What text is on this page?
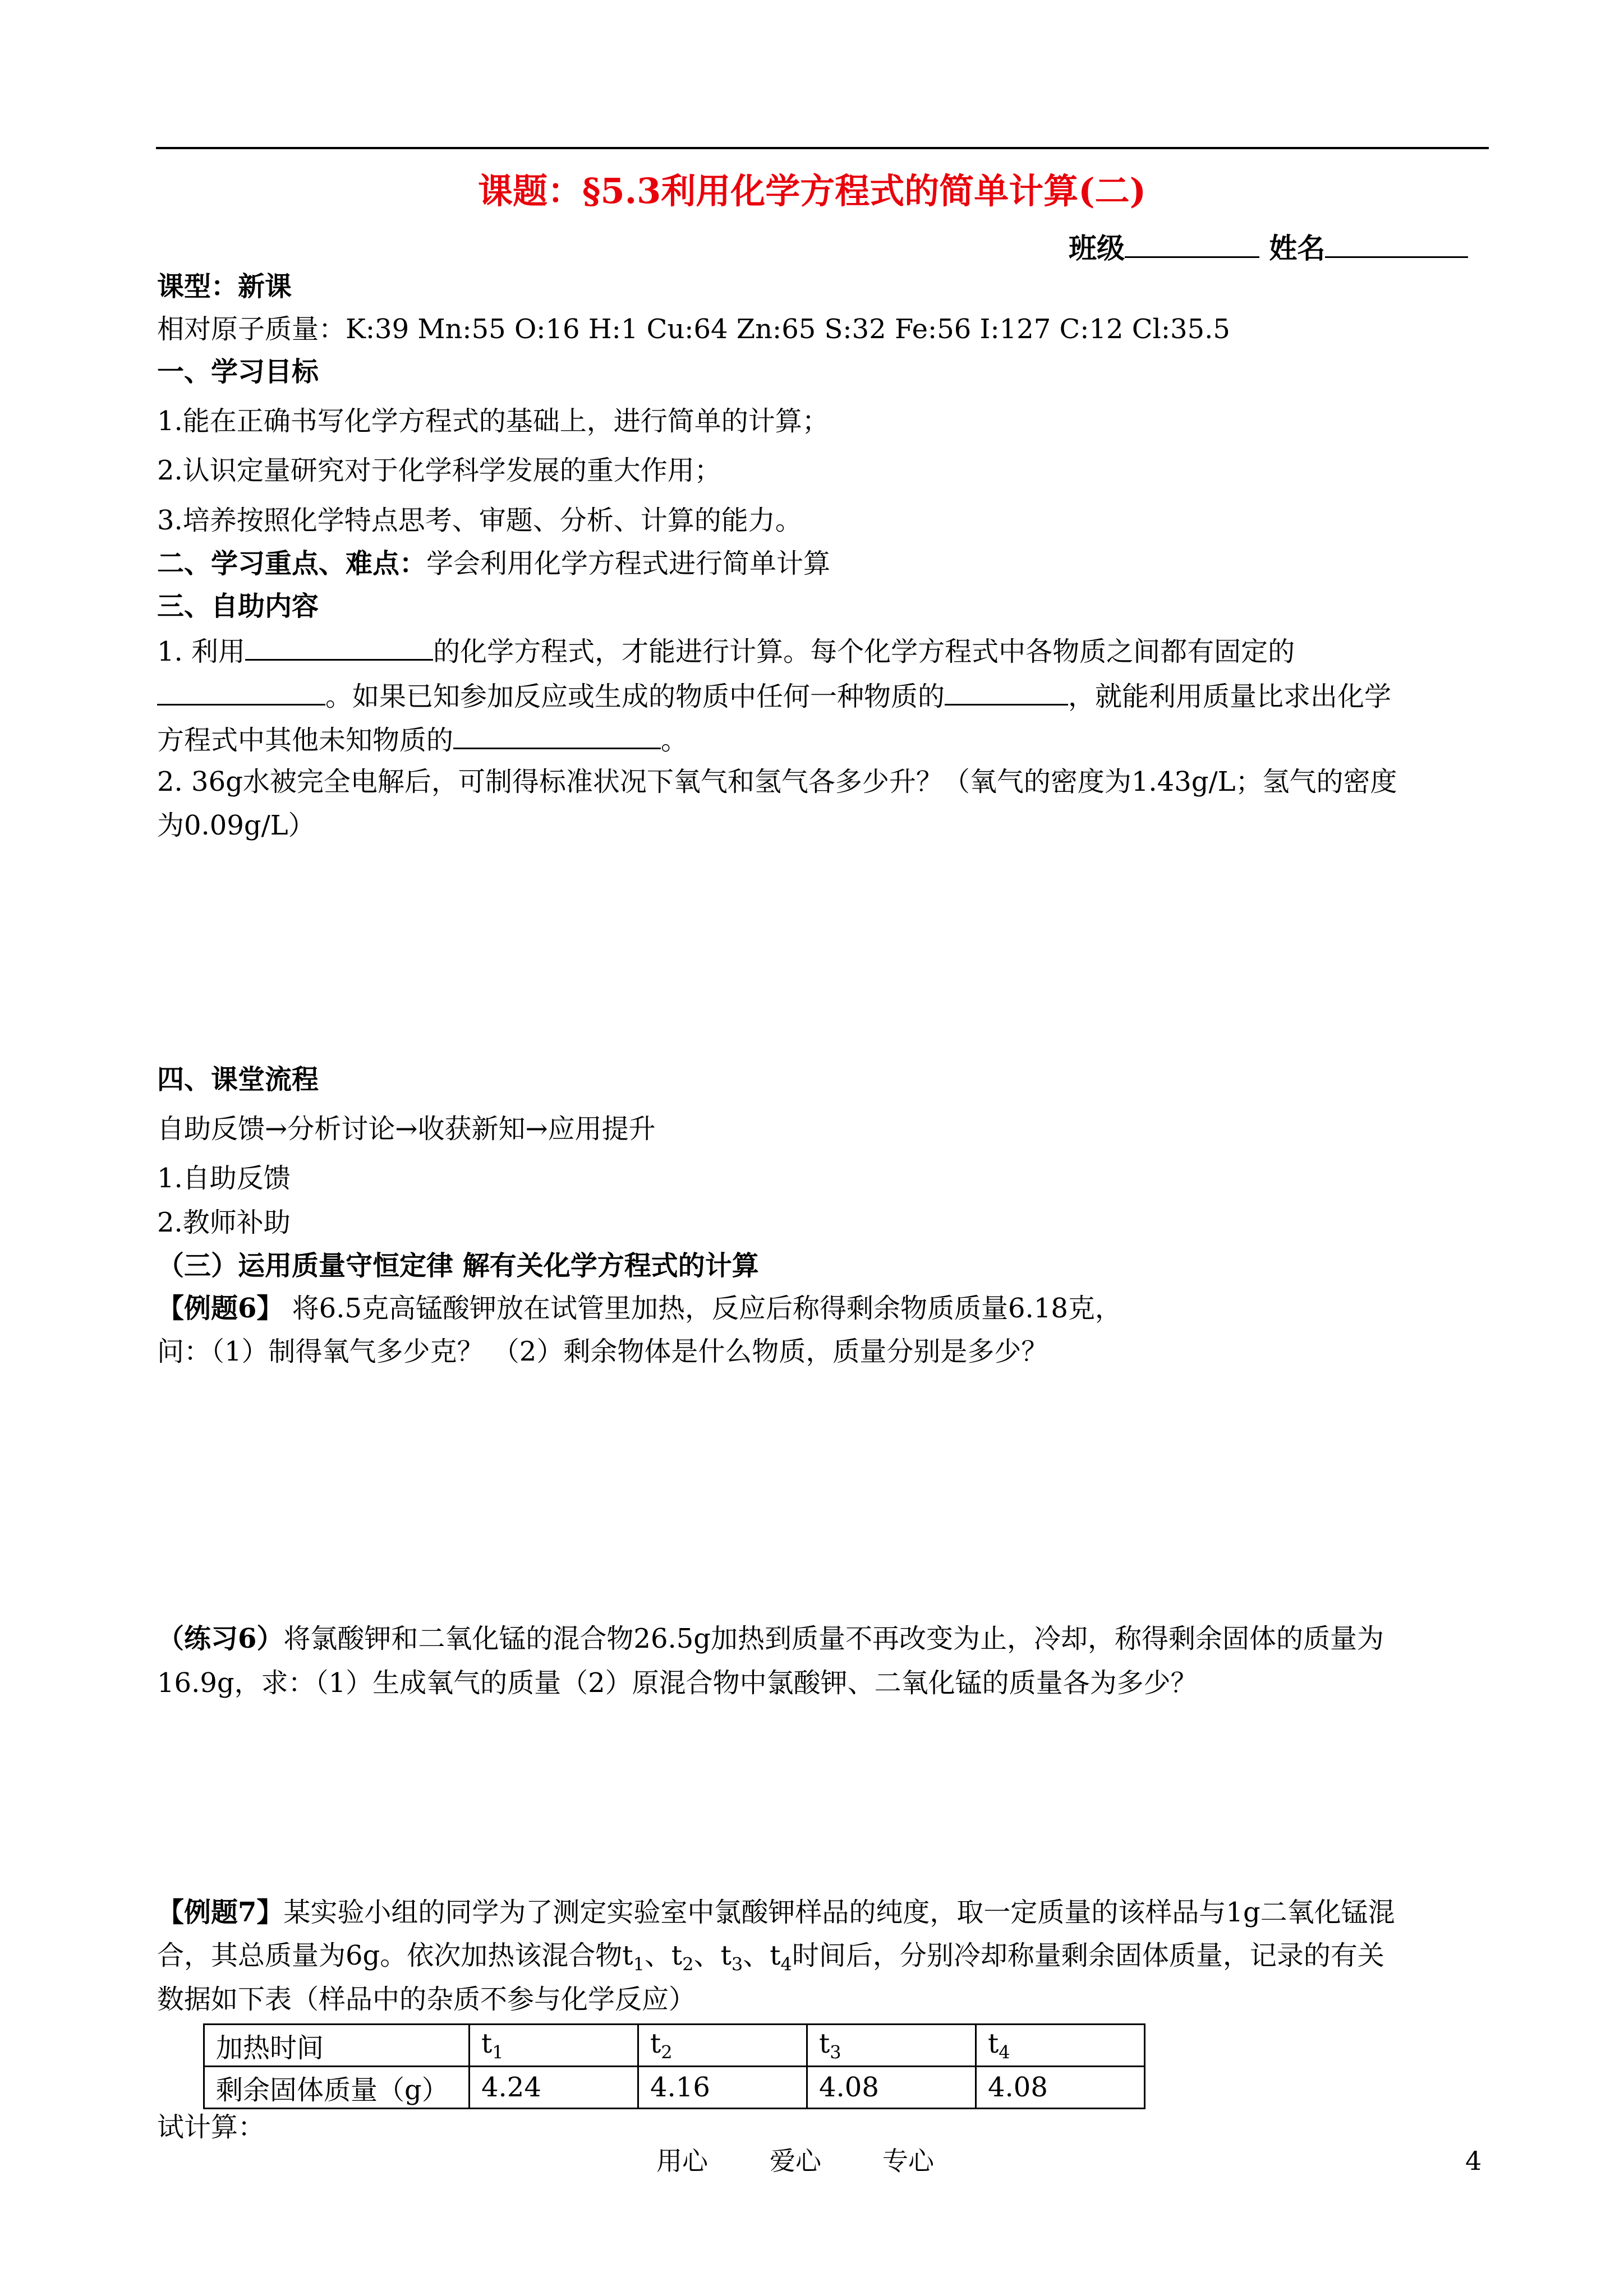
课题：§5.3利用化学方程式的简单计算(二)
班级	姓名
课型：新课
相对原子质量：K:39 Mn:55 O:16 H:1 Cu:64 Zn:65 S:32 Fe:56 I:127 C:12 Cl:35.5
一、学习目标
1.能在正确书写化学方程式的基础上，进行简单的计算；
2.认识定量研究对于化学科学发展的重大作用；
3.培养按照化学特点思考、审题、分析、计算的能力。
二、学习重点、难点：学会利用化学方程式进行简单计算
三、自助内容
1. 利用	的化学方程式，才能进行计算。每个化学方程式中各物质之间都有固定的
。如果已知参加反应或生成的物质中任何一种物质的	，就能利用质量比求出化学
方程式中其他未知物质的	。
2. 36g水被完全电解后，可制得标准状况下氧气和氢气各多少升？（氧气的密度为1.43g/L；氢气的密度
为0.09g/L）
四、课堂流程
自助反馈→分析讨论→收获新知→应用提升
1.自助反馈
2.教师补助
（三）运用质量守恒定律 解有关化学方程式的计算
【例题6】 将6.5克高锰酸钾放在试管里加热，反应后称得剩余物质质量6.18克，
问：（1）制得氧气多少克？ （2）剩余物体是什么物质，质量分别是多少？
（练习6）将氯酸钾和二氧化锰的混合物26.5g加热到质量不再改变为止，冷却，称得剩余固体的质量为
16.9g，求：（1）生成氧气的质量（2）原混合物中氯酸钾、二氧化锰的质量各为多少？
【例题7】某实验小组的同学为了测定实验室中氯酸钾样品的纯度，取一定质量的该样品与1g二氧化锰混
合，其总质量为6g。依次加热该混合物$t_1$、$t_2$、$t_3$、$t_4$时间后，分别冷却称量剩余固体质量，记录的有关
数据如下表（样品中的杂质不参与化学反应）
加热时间	$t_1$	$t_2$	$t_3$	$t_4$
剩余固体质量（g）	4.24	4.16	4.08	4.08
试计算：
用心 爱心 专心	4
